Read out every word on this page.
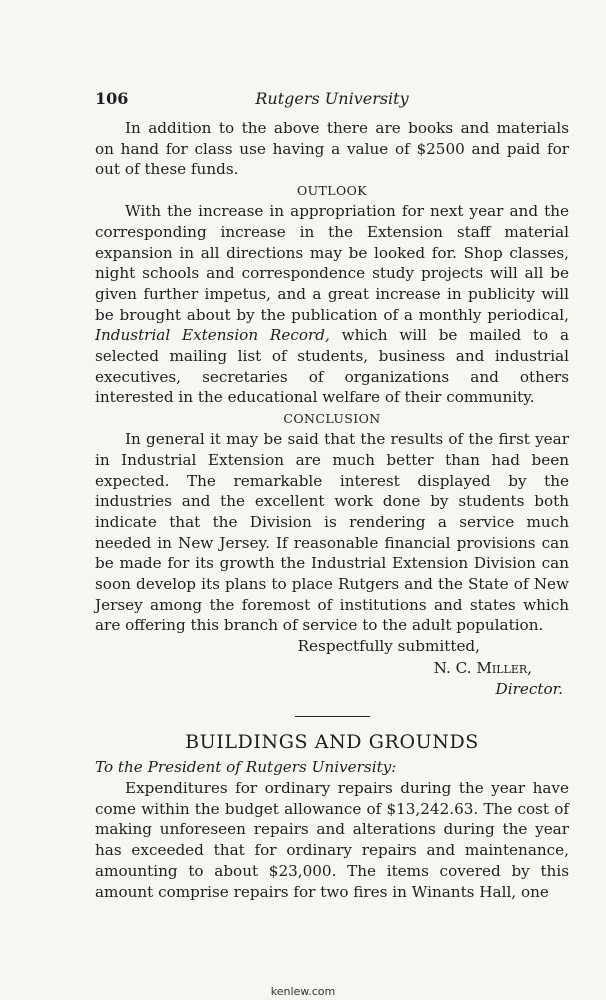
106	Rutgers University

In addition to the above there are books and materials on hand for class use having a value of $2500 and paid for out of these funds.

OUTLOOK

With the increase in appropriation for next year and the corresponding increase in the Extension staff material expansion in all directions may be looked for. Shop classes, night schools and correspondence study projects will all be given further impetus, and a great increase in publicity will be brought about by the publication of a monthly periodical, Industrial Extension Record, which will be mailed to a selected mailing list of students, business and industrial executives, secretaries of organizations and others interested in the educational welfare of their community.

CONCLUSION

In general it may be said that the results of the first year in Industrial Extension are much better than had been expected. The remarkable interest displayed by the industries and the excellent work done by students both indicate that the Division is rendering a service much needed in New Jersey. If reasonable financial provisions can be made for its growth the Industrial Extension Division can soon develop its plans to place Rutgers and the State of New Jersey among the foremost of institutions and states which are offering this branch of service to the adult population.

Respectfully submitted,
N. C. Miller,
Director.
BUILDINGS AND GROUNDS

To the President of Rutgers University:

Expenditures for ordinary repairs during the year have come within the budget allowance of $13,242.63. The cost of making unforeseen repairs and alterations during the year has exceeded that for ordinary repairs and maintenance, amounting to about $23,000. The items covered by this amount comprise repairs for two fires in Winants Hall, one

kenlew.com
